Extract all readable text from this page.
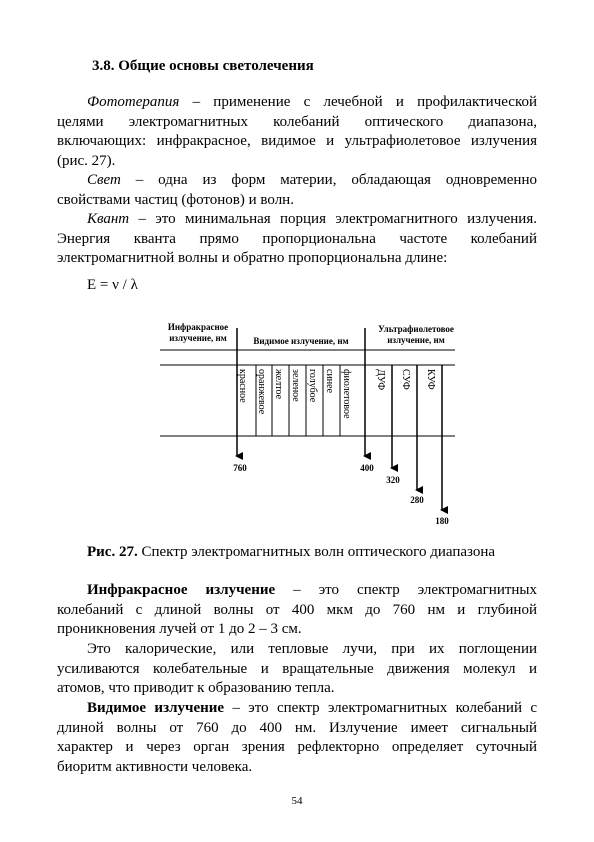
3.8. Общие основы светолечения
Фототерапия – применение с лечебной и профилактической
целями электромагнитных колебаний оптического диапазона,
включающих: инфракрасное, видимое и ультрафиолетовое излучения
(рис. 27).
Свет – одна из форм материи, обладающая одновременно
свойствами частиц (фотонов) и волн.
Квант – это минимальная порция электромагнитного излучения.
Энергия кванта прямо пропорциональна частоте колебаний
электромагнитной волны и обратно пропорциональна длине:
E = ν / λ
Инфракрасное
излучение, нм	Видимое излучение, нм
Ультрафиолетовое
излучение, нм
красное оранжевое желтое зеленое голубое синее фиолетовое ДУФ СУФ КУФ
760	400
320
280
180
Рис. 27. Спектр электромагнитных волн оптического диапазона
Инфракрасное излучение – это спектр электромагнитных
колебаний с длиной волны от 400 мкм до 760 нм и глубиной
проникновения лучей от 1 до 2 – 3 см.
Это калорические, или тепловые лучи, при их поглощении
усиливаются колебательные и вращательные движения молекул и
атомов, что приводит к образованию тепла.
Видимое излучение – это спектр электромагнитных колебаний с
длиной волны от 760 до 400 нм. Излучение имеет сигнальный
характер и через орган зрения рефлекторно определяет суточный
биоритм активности человека.
54
